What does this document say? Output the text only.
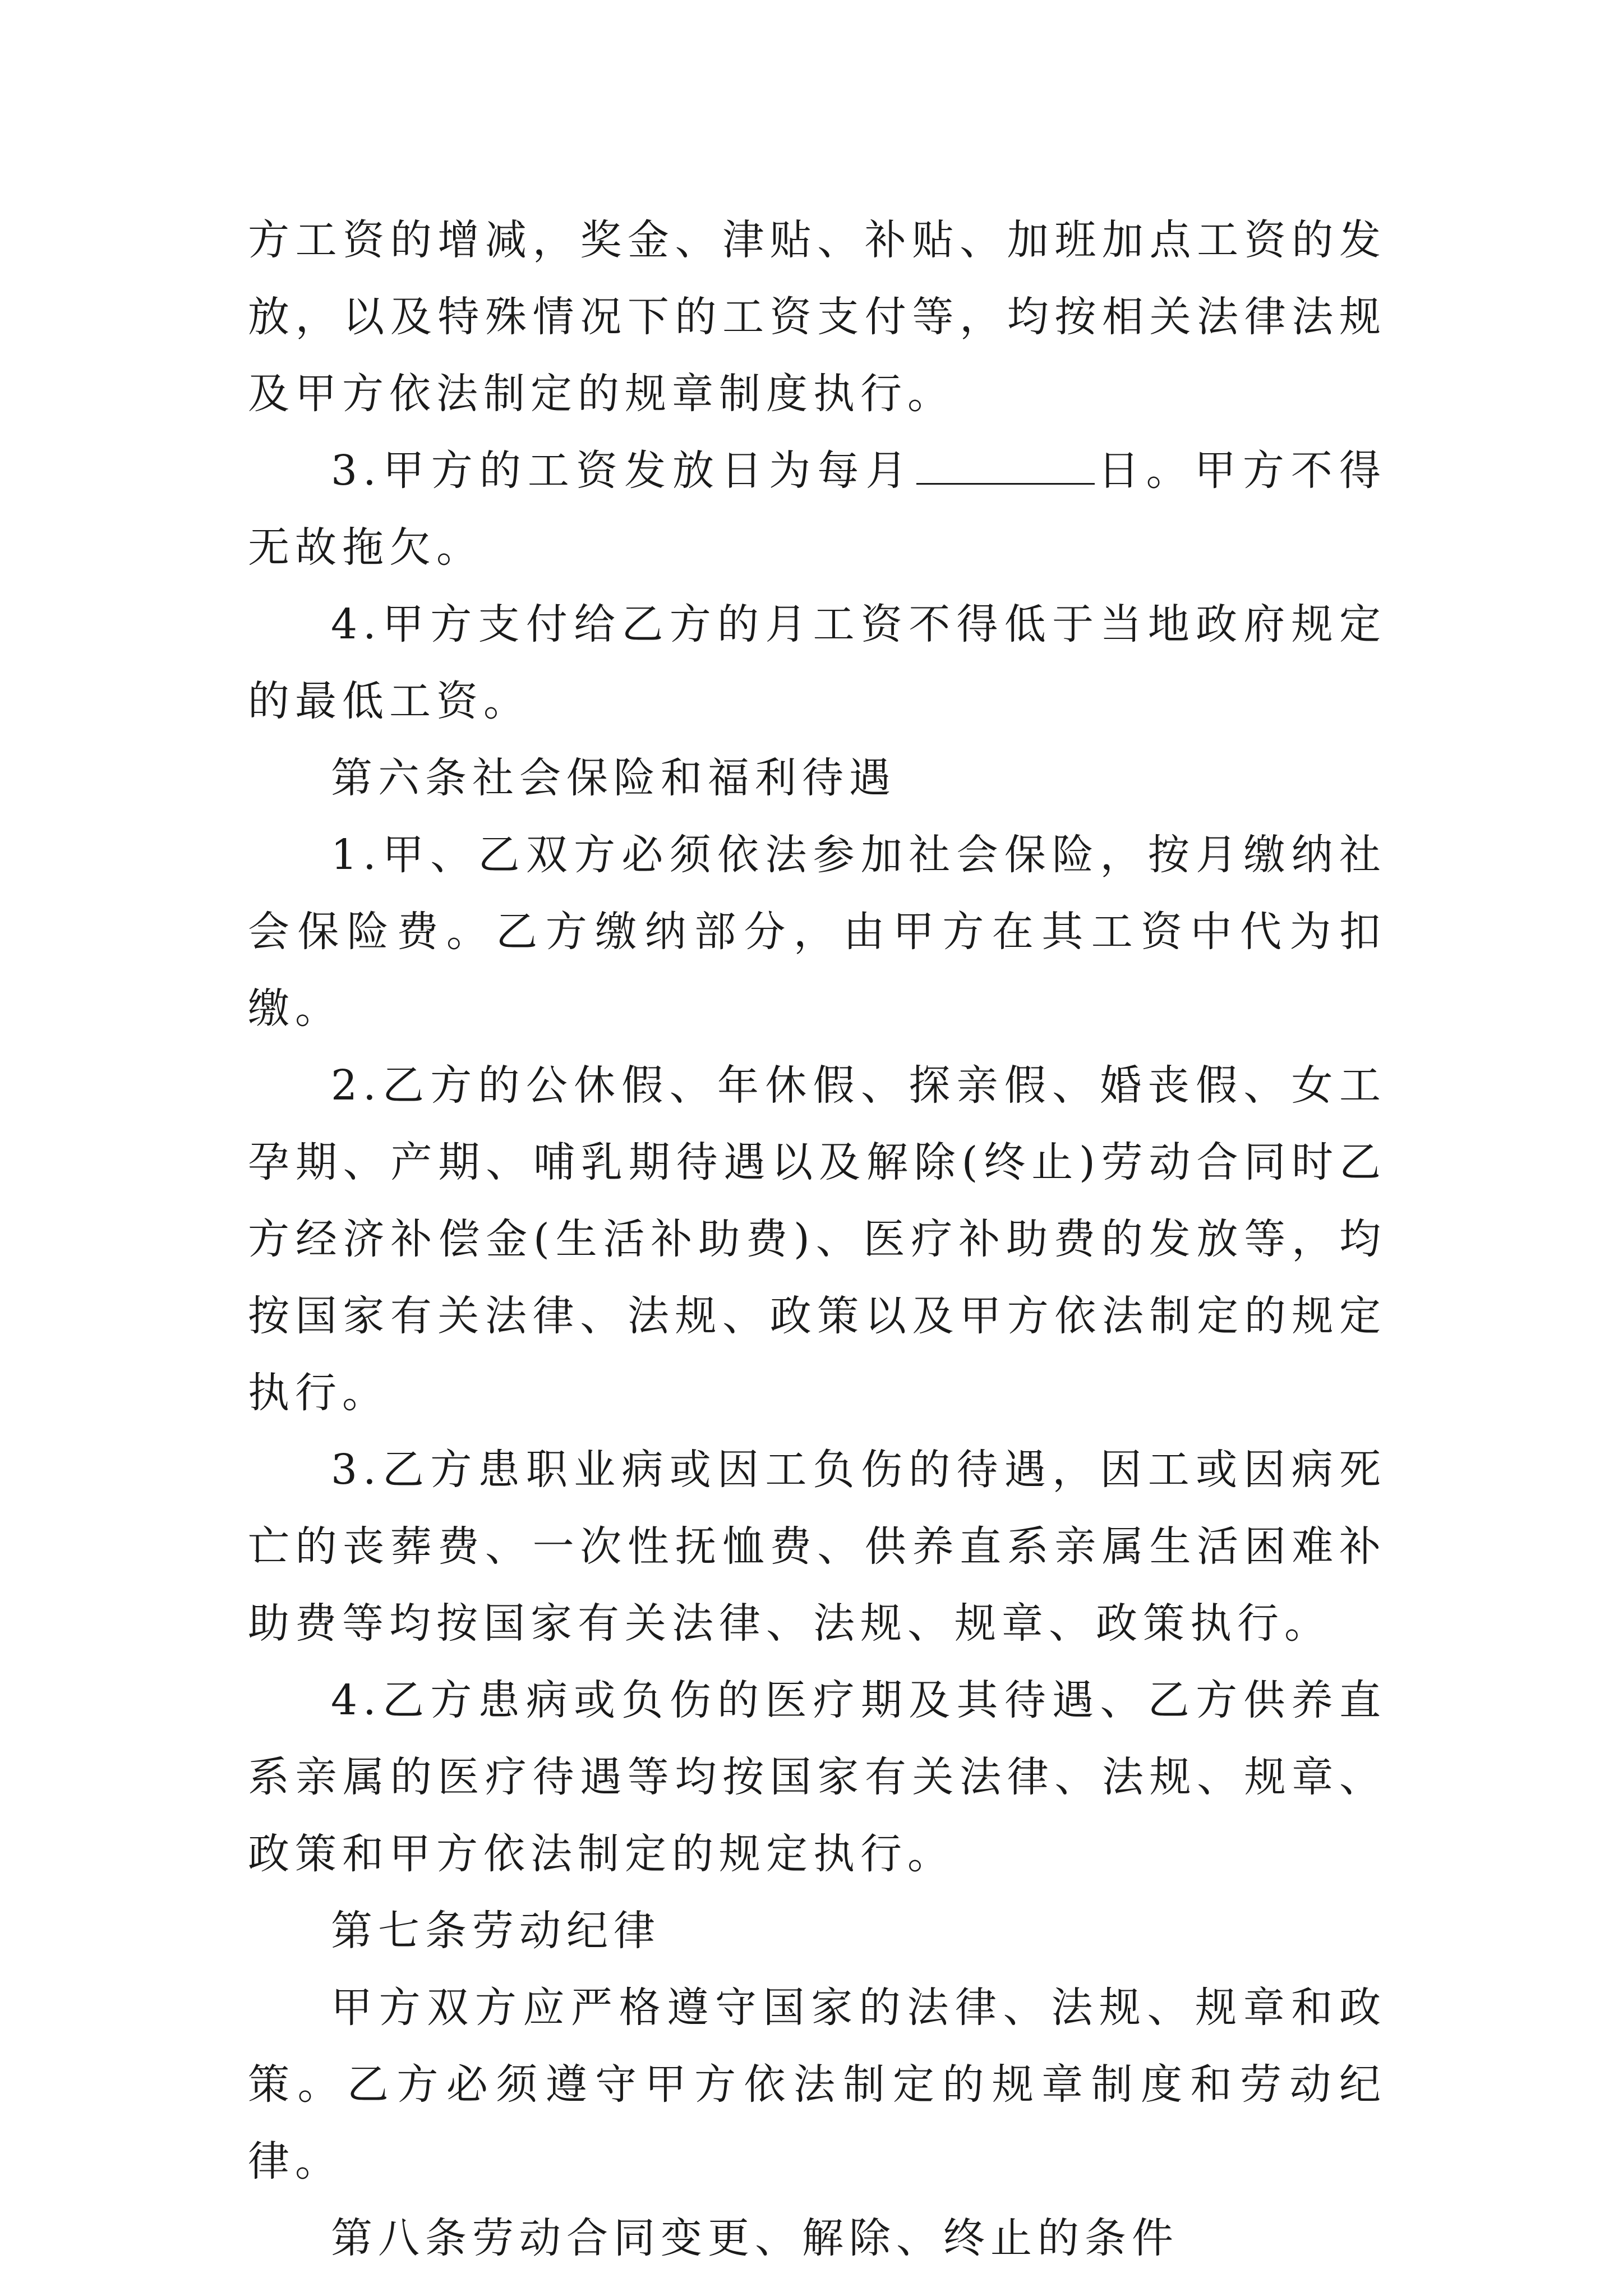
方工资的增减，奖金、津贴、补贴、加班加点工资的发放，以及特殊情况下的工资支付等，均按相关法律法规及甲方依法制定的规章制度执行。

3.甲方的工资发放日为每月	日。甲方不得无故拖欠。

4.甲方支付给乙方的月工资不得低于当地政府规定的最低工资。

第六条社会保险和福利待遇

1.甲、乙双方必须依法参加社会保险，按月缴纳社会保险费。乙方缴纳部分，由甲方在其工资中代为扣缴。

2.乙方的公休假、年休假、探亲假、婚丧假、女工孕期、产期、哺乳期待遇以及解除(终止)劳动合同时乙方经济补偿金(生活补助费)、医疗补助费的发放等，均按国家有关法律、法规、政策以及甲方依法制定的规定执行。

3.乙方患职业病或因工负伤的待遇，因工或因病死亡的丧葬费、一次性抚恤费、供养直系亲属生活困难补助费等均按国家有关法律、法规、规章、政策执行。

4.乙方患病或负伤的医疗期及其待遇、乙方供养直系亲属的医疗待遇等均按国家有关法律、法规、规章、政策和甲方依法制定的规定执行。

第七条劳动纪律

甲方双方应严格遵守国家的法律、法规、规章和政策。乙方必须遵守甲方依法制定的规章制度和劳动纪律。

第八条劳动合同变更、解除、终止的条件
